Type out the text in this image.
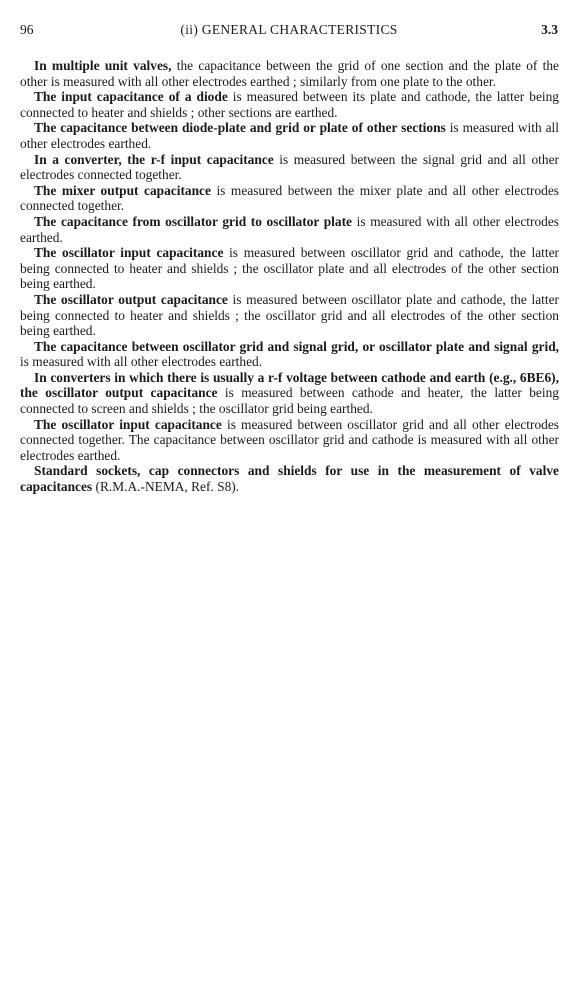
96	(ii) GENERAL CHARACTERISTICS	3.3

In multiple unit valves, the capacitance between the grid of one section and the plate of the other is measured with all other electrodes earthed ; similarly from one plate to the other.

The input capacitance of a diode is measured between its plate and cathode, the latter being connected to heater and shields ; other sections are earthed.

The capacitance between diode-plate and grid or plate of other sections is measured with all other electrodes earthed.

In a converter, the r-f input capacitance is measured between the signal grid and all other electrodes connected together.

The mixer output capacitance is measured between the mixer plate and all other electrodes connected together.

The capacitance from oscillator grid to oscillator plate is measured with all other electrodes earthed.

The oscillator input capacitance is measured between oscillator grid and cathode, the latter being connected to heater and shields ; the oscillator plate and all electrodes of the other section being earthed.

The oscillator output capacitance is measured between oscillator plate and cathode, the latter being connected to heater and shields ; the oscillator grid and all electrodes of the other section being earthed.

The capacitance between oscillator grid and signal grid, or oscillator plate and signal grid, is measured with all other electrodes earthed.

In converters in which there is usually a r-f voltage between cathode and earth (e.g., 6BE6), the oscillator output capacitance is measured between cathode and heater, the latter being connected to screen and shields ; the oscillator grid being earthed.

The oscillator input capacitance is measured between oscillator grid and all other electrodes connected together. The capacitance between oscillator grid and cathode is measured with all other electrodes earthed.

Standard sockets, cap connectors and shields for use in the measurement of valve capacitances (R.M.A.-NEMA, Ref. S8).
